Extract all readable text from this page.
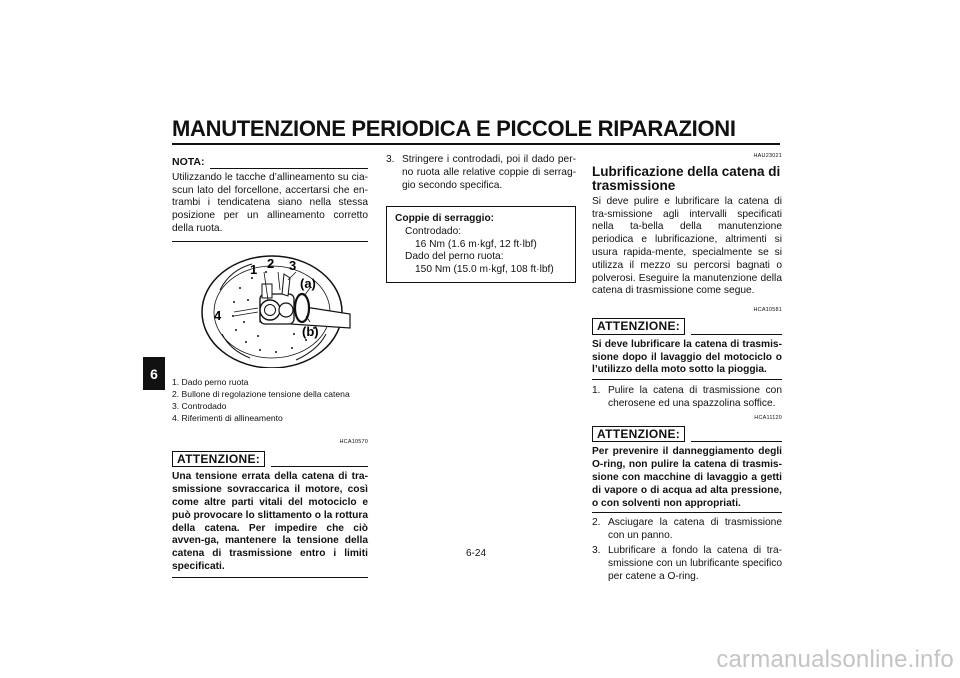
MANUTENZIONE PERIODICA E PICCOLE RIPARAZIONI
6
NOTA:

Utilizzando le tacche d’allineamento su cia-scun lato del forcellone, accertarsi che en-trambi i tendicatena siano nella stessa posizione per un allineamento corretto della ruota.

1 2 3
4
(a)
(b)
1. Dado perno ruota
2. Bullone di regolazione tensione della catena
3. Controdado
4. Riferimenti di allineamento
HCA10570
ATTENZIONE:
Una tensione errata della catena di tra-smissione sovraccarica il motore, così come altre parti vitali del motociclo e può provocare lo slittamento o la rottura della catena. Per impedire che ciò avven-ga, mantenere la tensione della catena di trasmissione entro i limiti specificati.
3. Stringere i controdadi, poi il dado per-no ruota alle relative coppie di serrag-gio secondo specifica.
Coppie di serraggio:
Controdado:
16 Nm (1.6 m·kgf, 12 ft·lbf)
Dado del perno ruota:
150 Nm (15.0 m·kgf, 108 ft·lbf)
HAU23021
Lubrificazione della catena di trasmissione

Si deve pulire e lubrificare la catena di tra-smissione agli intervalli specificati nella ta-bella della manutenzione periodica e lubrificazione, altrimenti si usura rapida-mente, specialmente se si utilizza il mezzo su percorsi bagnati o polverosi. Eseguire la manutenzione della catena di trasmissione come segue.

HCA10581
ATTENZIONE:
Si deve lubrificare la catena di trasmis-sione dopo il lavaggio del motociclo o l’utilizzo della moto sotto la pioggia.
1. Pulire la catena di trasmissione con cherosene ed una spazzolina soffice.
HCA11120
ATTENZIONE:
Per prevenire il danneggiamento degli O-ring, non pulire la catena di trasmis-sione con macchine di lavaggio a getti di vapore o di acqua ad alta pressione, o con solventi non appropriati.
2. Asciugare la catena di trasmissione con un panno.
3. Lubrificare a fondo la catena di tra-smissione con un lubrificante specifico per catene a O-ring.
6-24
carmanualsonline.info
